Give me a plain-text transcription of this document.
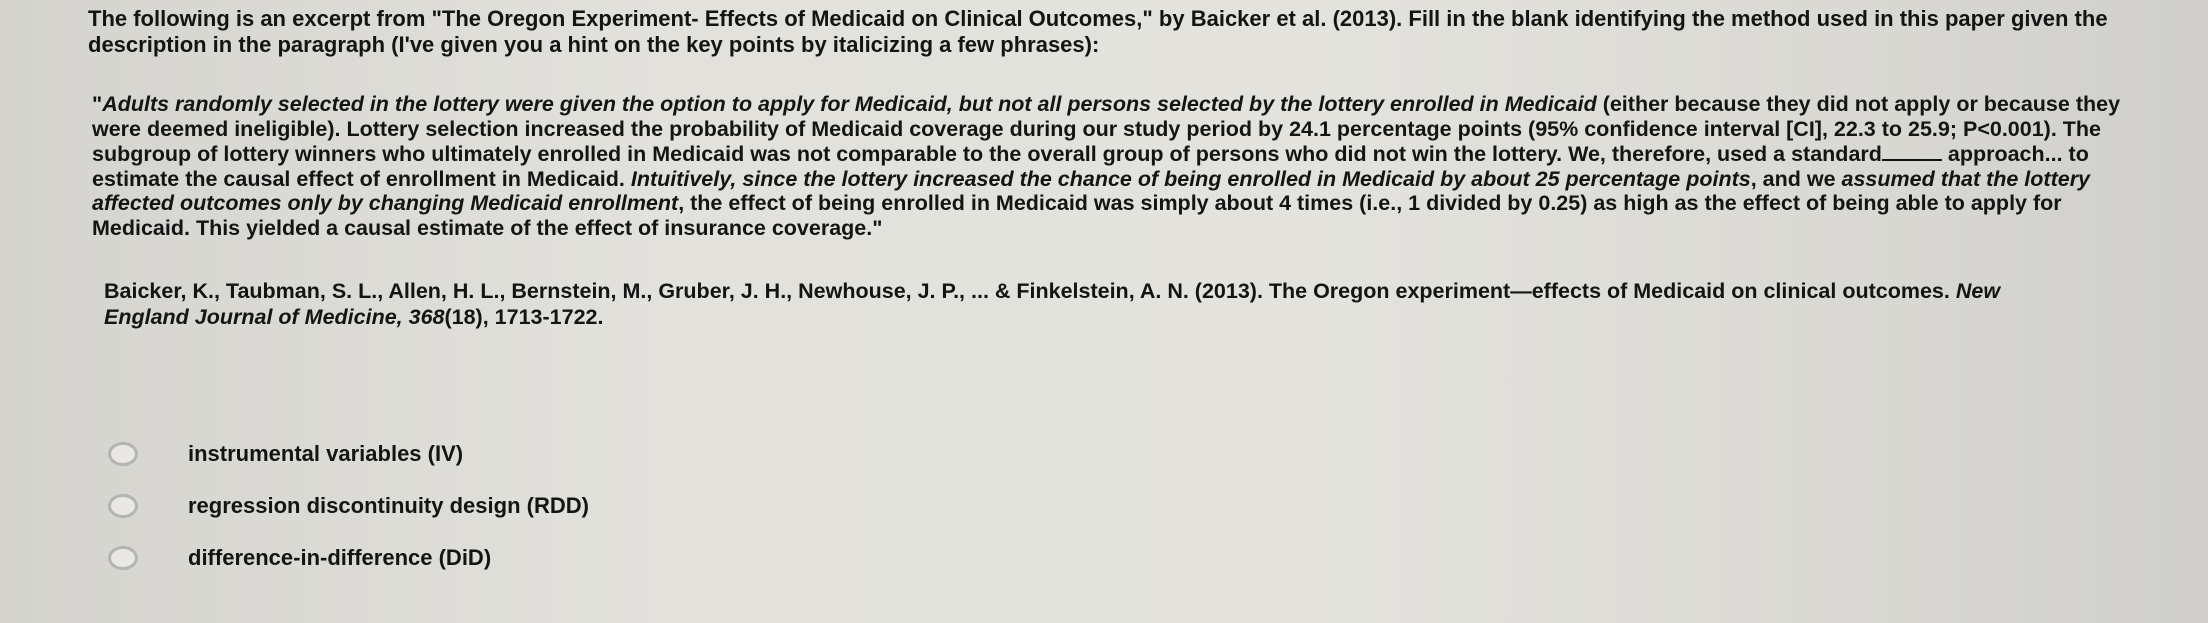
The following is an excerpt from "The Oregon Experiment- Effects of Medicaid on Clinical Outcomes," by Baicker et al. (2013). Fill in the blank identifying the method used in this paper given the description in the paragraph (I've given you a hint on the key points by italicizing a few phrases):

"Adults randomly selected in the lottery were given the option to apply for Medicaid, but not all persons selected by the lottery enrolled in Medicaid (either because they did not apply or because they were deemed ineligible). Lottery selection increased the probability of Medicaid coverage during our study period by 24.1 percentage points (95% confidence interval [CI], 22.3 to 25.9; P<0.001). The subgroup of lottery winners who ultimately enrolled in Medicaid was not comparable to the overall group of persons who did not win the lottery. We, therefore, used a standard	approach... to estimate the causal effect of enrollment in Medicaid. Intuitively, since the lottery increased the chance of being enrolled in Medicaid by about 25 percentage points, and we assumed that the lottery affected outcomes only by changing Medicaid enrollment, the effect of being enrolled in Medicaid was simply about 4 times (i.e., 1 divided by 0.25) as high as the effect of being able to apply for Medicaid. This yielded a causal estimate of the effect of insurance coverage."

Baicker, K., Taubman, S. L., Allen, H. L., Bernstein, M., Gruber, J. H., Newhouse, J. P., ... & Finkelstein, A. N. (2013). The Oregon experiment—effects of Medicaid on clinical outcomes. New England Journal of Medicine, 368(18), 1713-1722.

instrumental variables (IV)
regression discontinuity design (RDD)
difference-in-difference (DiD)
